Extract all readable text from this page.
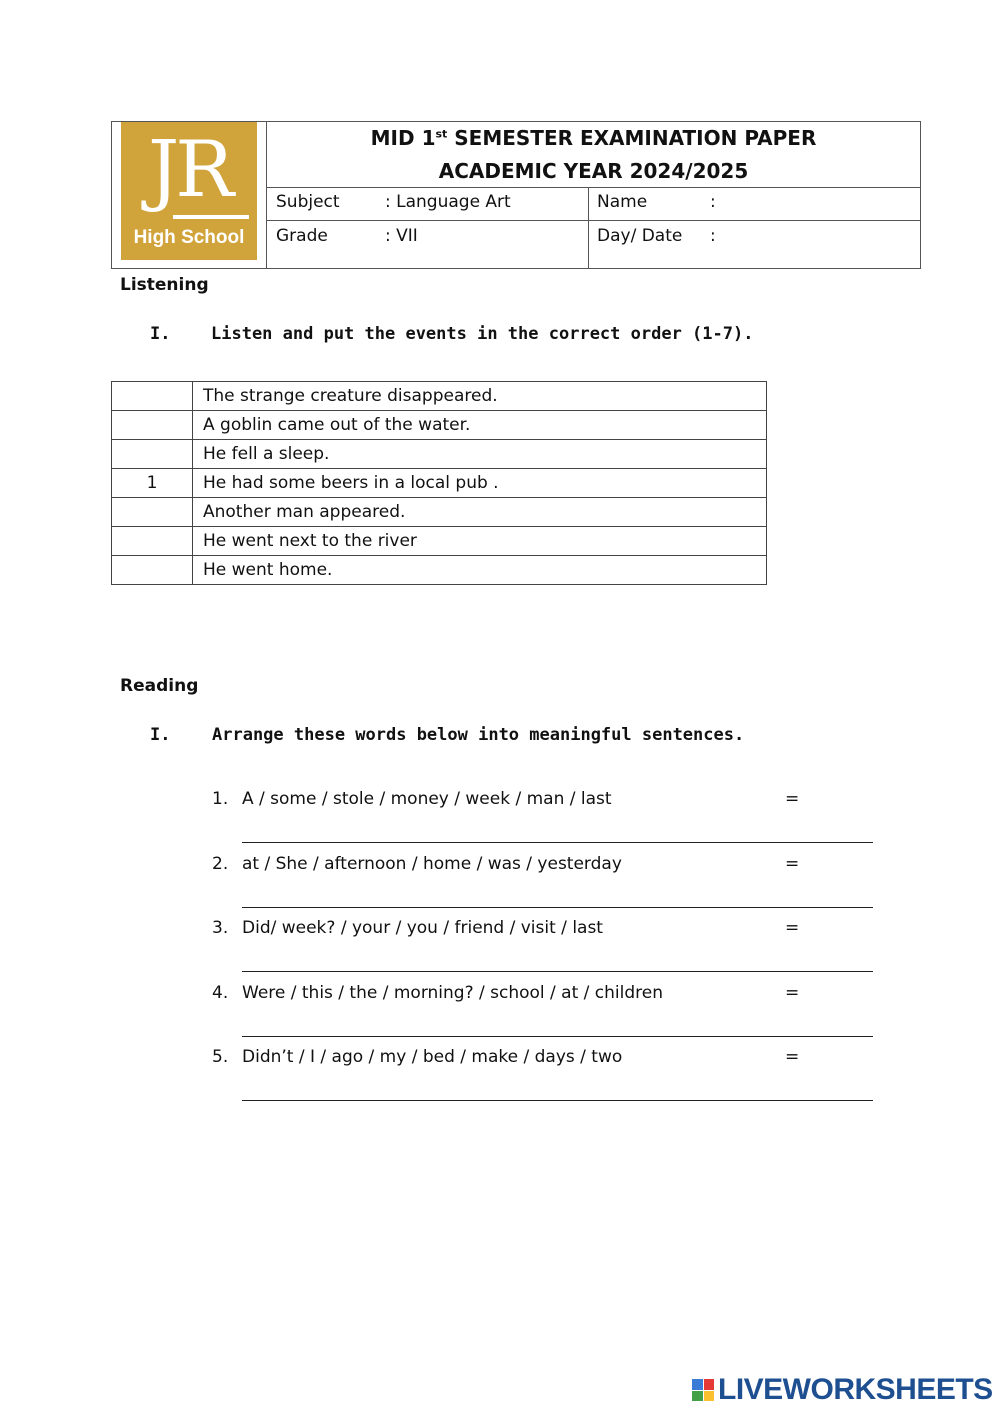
JR
High School
MID 1st SEMESTER EXAMINATION PAPER
ACADEMIC YEAR 2024/2025
Subject	: Language Art	Name	:
Grade	: VII	Day/ Date :
Listening
I. Listen and put the events in the correct order (1-7).
	The strange creature disappeared.
	A goblin came out of the water.
	He fell a sleep.
1	He had some beers in a local pub .
	Another man appeared.
	He went next to the river
	He went home.
Reading
I. Arrange these words below into meaningful sentences.
1. A / some / stole / money / week / man / last	=
2. at / She / afternoon / home / was / yesterday	=
3. Did/ week? / your / you / friend / visit / last	=
4. Were / this / the / morning? / school / at / children	=
5. Didn’t / I / ago / my / bed / make / days / two	=
LIVEWORKSHEETS
